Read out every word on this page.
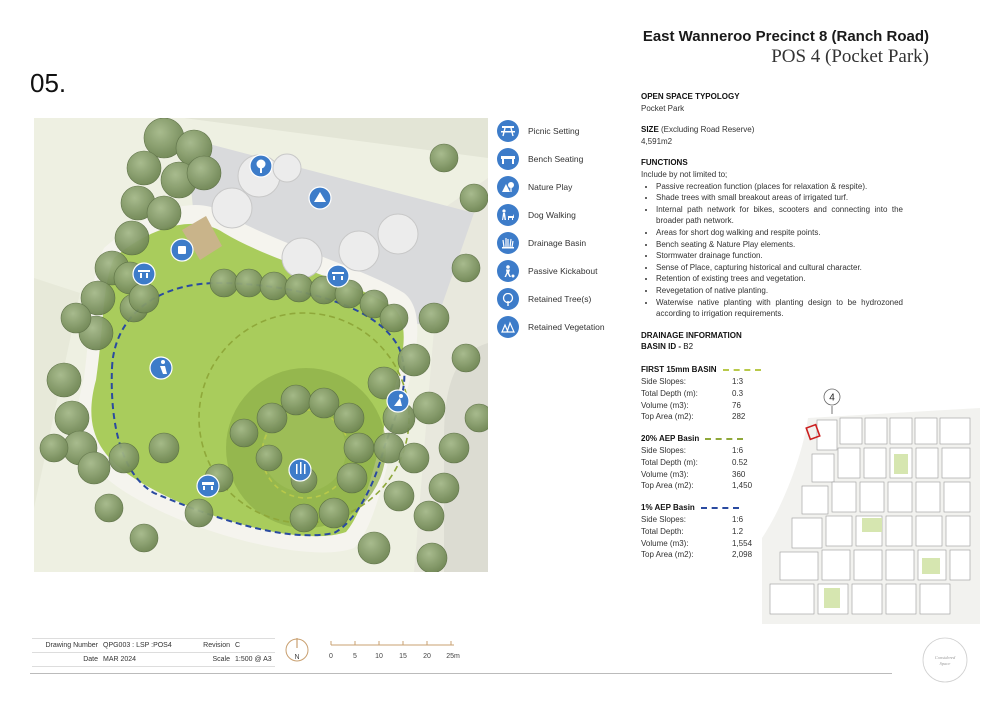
East Wanneroo Precinct 8 (Ranch Road)
POS 4 (Pocket Park)
05.
Picnic Setting
Bench Seating
Nature Play
Dog Walking
Drainage Basin
Passive Kickabout
Retained Tree(s)
Retained Vegetation
OPEN SPACE TYPOLOGY
Pocket Park
SIZE (Excluding Road Reserve)
4,591m2
FUNCTIONS
Include by not limited to;
• Passive recreation function (places for relaxation & respite).
• Shade trees with small breakout areas of irrigated turf.
• Internal path network for bikes, scooters and connecting into the broader path network.
• Areas for short dog walking and respite points.
• Bench seating & Nature Play elements.
• Stormwater drainage function.
• Sense of Place, capturing historical and cultural character.
• Retention of existing trees and vegetation.
• Revegetation of native planting.
• Waterwise native planting with planting design to be hydrozoned according to irrigation requirements.
DRAINAGE INFORMATION
BASIN ID - B2
FIRST 15mm BASIN
Side Slopes:	1:3
Total Depth (m):	0.3
Volume (m3):	76
Top Area (m2):	282
20% AEP Basin
Side Slopes:	1:6
Total Depth (m):	0.52
Volume (m3):	360
Top Area (m2):	1,450
1% AEP Basin
Side Slopes:	1:6
Total Depth:	1.2
Volume (m3):	1,554
Top Area (m2):	2,098
4
Drawing Number QPG003 : LSP :POS4	Revision C
Date MAR 2024	Scale 1:500 @ A3	N	0	5	10 15 20 25m	Considered
Space
